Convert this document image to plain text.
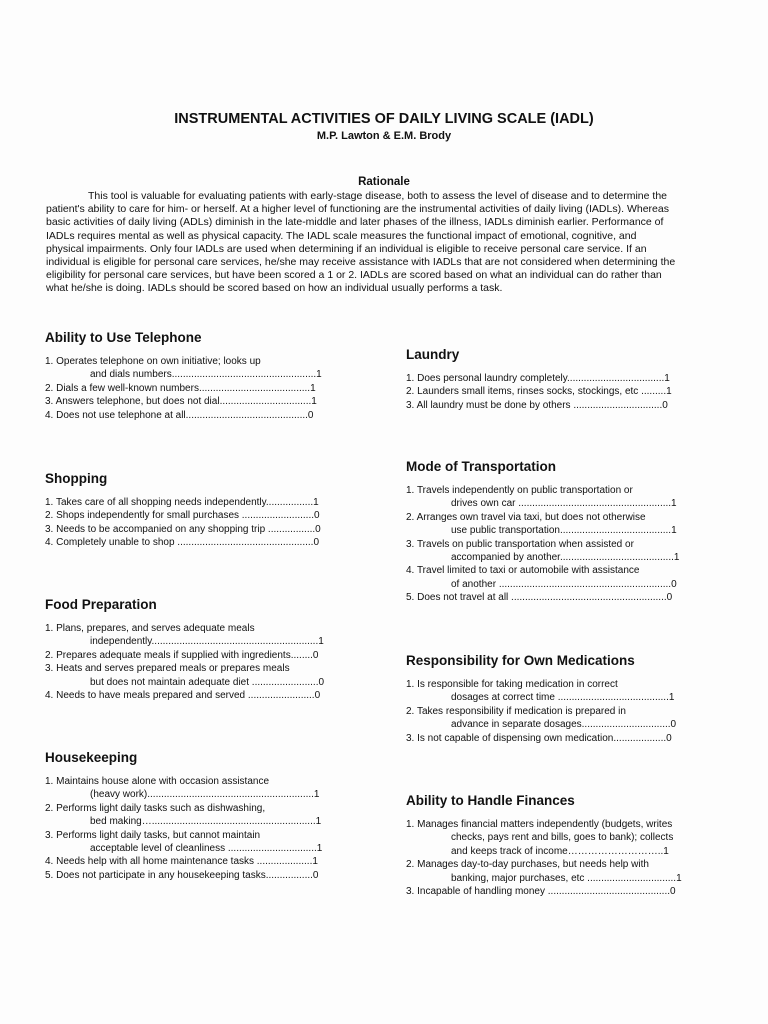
INSTRUMENTAL ACTIVITIES OF DAILY LIVING SCALE (IADL)
M.P. Lawton & E.M. Brody
Rationale
This tool is valuable for evaluating patients with early-stage disease, both to assess the level of disease and to determine the
patient's ability to care for him- or herself. At a higher level of functioning are the instrumental activities of daily living (IADLs). Whereas
basic activities of daily living (ADLs) diminish in the late-middle and later phases of the illness, IADLs diminish earlier. Performance of
IADLs requires mental as well as physical capacity. The IADL scale measures the functional impact of emotional, cognitive, and
physical impairments. Only four IADLs are used when determining if an individual is eligible to receive personal care service. If an
individual is eligible for personal care services, he/she may receive assistance with IADLs that are not considered when determining the
eligibility for personal care services, but have been scored a 1 or 2. IADLs are scored based on what an individual can do rather than
what he/she is doing. IADLs should be scored based on how an individual usually performs a task.
Ability to Use Telephone
1. Operates telephone on own initiative; looks up
and dials numbers....................................................1
2. Dials a few well-known numbers........................................1
3. Answers telephone, but does not dial.................................1
4. Does not use telephone at all............................................0
Shopping
1. Takes care of all shopping needs independently.................1
2. Shops independently for small purchases ..........................0
3. Needs to be accompanied on any shopping trip .................0
4. Completely unable to shop .................................................0
Food Preparation
1. Plans, prepares, and serves adequate meals
independently............................................................1
2. Prepares adequate meals if supplied with ingredients........0
3. Heats and serves prepared meals or prepares meals
but does not maintain adequate diet ........................0
4. Needs to have meals prepared and served ........................0
Housekeeping
1. Maintains house alone with occasion assistance
(heavy work)............................................................1
2. Performs light daily tasks such as dishwashing,
bed making…...........................................................1
3. Performs light daily tasks, but cannot maintain
acceptable level of cleanliness ................................1
4. Needs help with all home maintenance tasks ....................1
5. Does not participate in any housekeeping tasks.................0
Laundry
1. Does personal laundry completely...................................1
2. Launders small items, rinses socks, stockings, etc .........1
3. All laundry must be done by others ................................0
Mode of Transportation
1. Travels independently on public transportation or
drives own car .......................................................1
2. Arranges own travel via taxi, but does not otherwise
use public transportation........................................1
3. Travels on public transportation when assisted or
accompanied by another.........................................1
4. Travel limited to taxi or automobile with assistance
of another ..............................................................0
5. Does not travel at all ........................................................0
Responsibility for Own Medications
1. Is responsible for taking medication in correct
dosages at correct time ........................................1
2. Takes responsibility if medication is prepared in
advance in separate dosages................................0
3. Is not capable of dispensing own medication...................0
Ability to Handle Finances
1. Manages financial matters independently (budgets, writes
checks, pays rent and bills, goes to bank); collects
and keeps track of income………………………..1
2. Manages day-to-day purchases, but needs help with
banking, major purchases, etc ................................1
3. Incapable of handling money ............................................0
